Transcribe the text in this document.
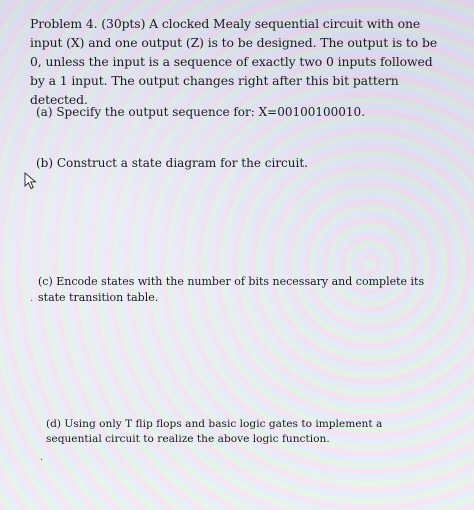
Problem 4. (30pts) A clocked Mealy sequential circuit with one input (X) and one output (Z) is to be designed. The output is to be 0, unless the input is a sequence of exactly two 0 inputs followed by a 1 input. The output changes right after this bit pattern detected.
(a) Specify the output sequence for: X=00100100010.
(b) Construct a state diagram for the circuit.
(c) Encode states with the number of bits necessary and complete its state transition table.
(d) Using only T flip flops and basic logic gates to implement a sequential circuit to realize the above logic function.
·
·
